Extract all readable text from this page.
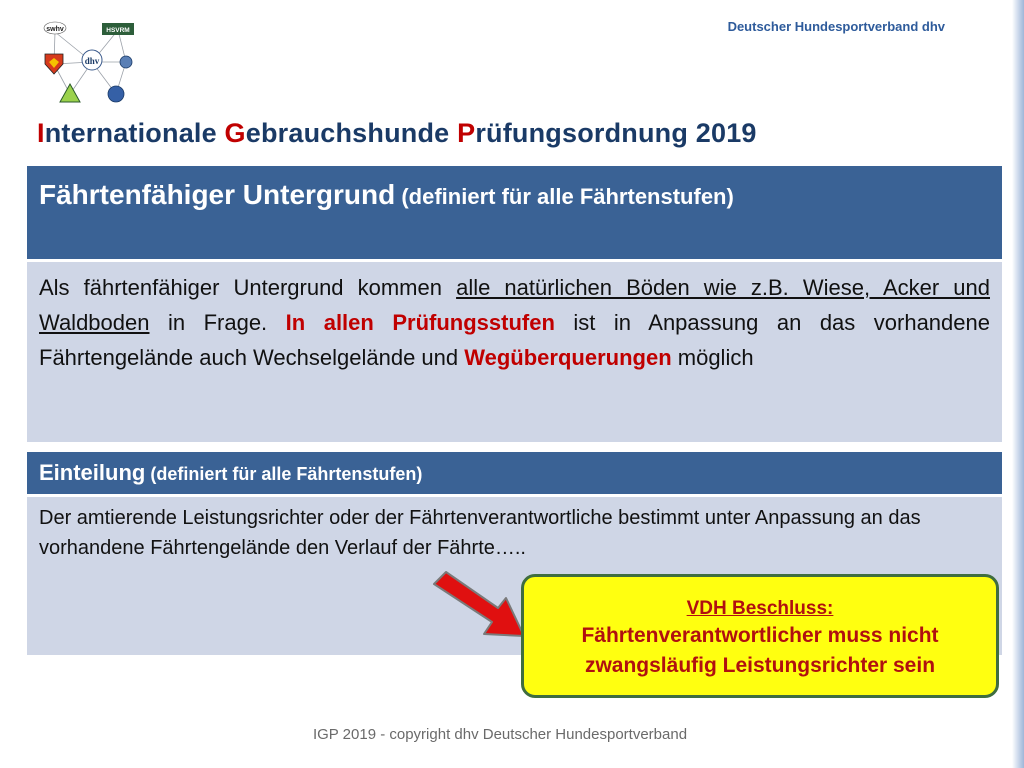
Deutscher Hundesportverband dhv
swhv	HSVRM
dhv
Internationale Gebrauchshunde Prüfungsordnung 2019
Fährtenfähiger Untergrund (definiert für alle Fährtenstufen)
Als fährtenfähiger Untergrund kommen alle natürlichen Böden wie z.B. Wiese, Acker und Waldboden in Frage. In allen Prüfungsstufen ist in Anpassung an das vorhandene Fährtengelände auch Wechselgelände und Wegüberquerungen möglich
Einteilung (definiert für alle Fährtenstufen)
Der amtierende Leistungsrichter oder der Fährtenverantwortliche bestimmt unter Anpassung an das vorhandene Fährtengelände den Verlauf der Fährte…..
VDH Beschluss:
Fährtenverantwortlicher muss nicht
zwangsläufig Leistungsrichter sein
IGP 2019 - copyright dhv Deutscher Hundesportverband
